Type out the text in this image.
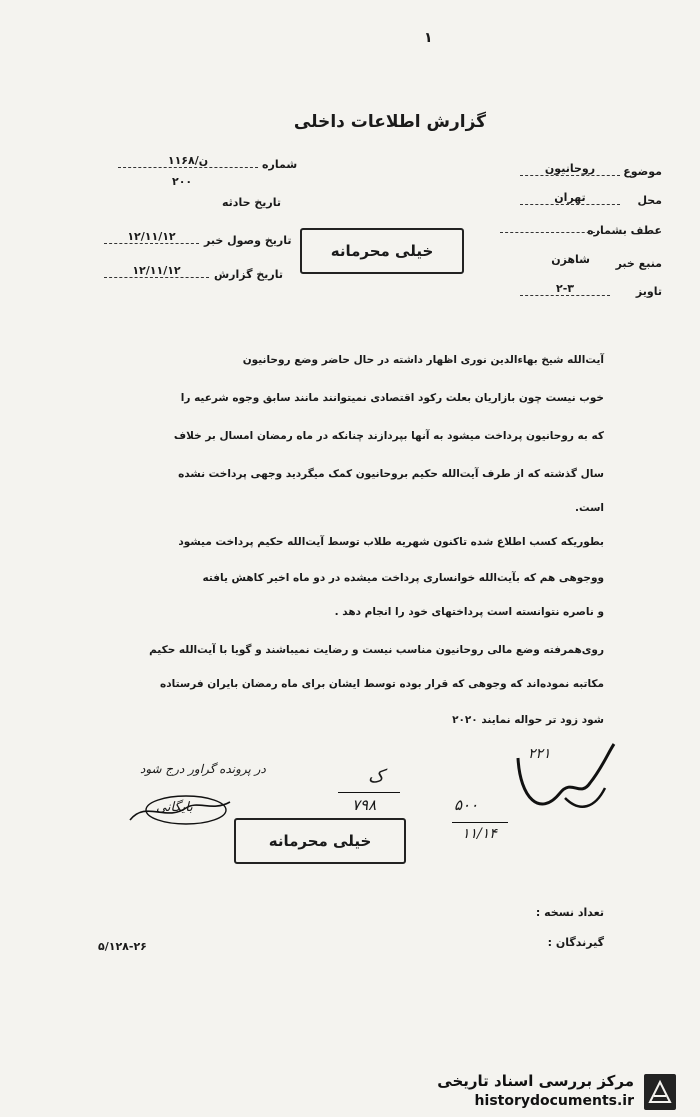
۱
گزارش اطلاعات داخلی
موضوع
روحانیون
محل
تهران
عطف بشماره
منبع خبر
شاهزن
تاویز
۲-۳
شماره
۱۱۶۸/ن
۲۰۰
تاریخ حادثه
تاریخ وصول خبر
۱۲/۱۱/۱۲
تاریخ گزارش
۱۲/۱۱/۱۲
خیلی محرمانه
آیت‌الله شیخ بهاءالدین نوری اظهار داشته در حال حاضر وضع روحانیون
خوب نیست چون بازاریان بعلت رکود اقتصادی نمیتوانند مانند سابق وجوه شرعیه را
که به روحانیون پرداخت میشود به آنها بپردازند چنانکه در ماه رمضان امسال بر خلاف
سال گذشته که از طرف آیت‌الله حکیم بروحانیون کمک میگردید وجهی پرداخت نشده
است.
بطوریکه کسب اطلاع شده تاکنون شهریه طلاب توسط آیت‌الله حکیم پرداخت میشود
ووجوهی هم که بآیت‌الله خوانساری پرداخت میشده در دو ماه اخیر کاهش یافته
و ناصره نتوانسته است پرداختهای خود را انجام دهد .
روی‌همرفته وضع مالی روحانیون مناسب نیست و رضایت نمیباشند و گویا با آیت‌الله حکیم
مکاتبه نموده‌اند که وجوهی که قرار بوده توسط ایشان برای ماه رمضان بایران فرستاده
شود زود تر حواله نمایند ۲۰۲۰
۲۲۱
ک
۷۹۸
در پرونده گراور درج شود
بایگانی	۵۰۰
۱۱/۱۴
خیلی محرمانه
تعداد نسخه :
گیرندگان :
۵/۱۲۸-۲۶
مرکز بررسی اسناد تاریخی
historydocuments.ir
